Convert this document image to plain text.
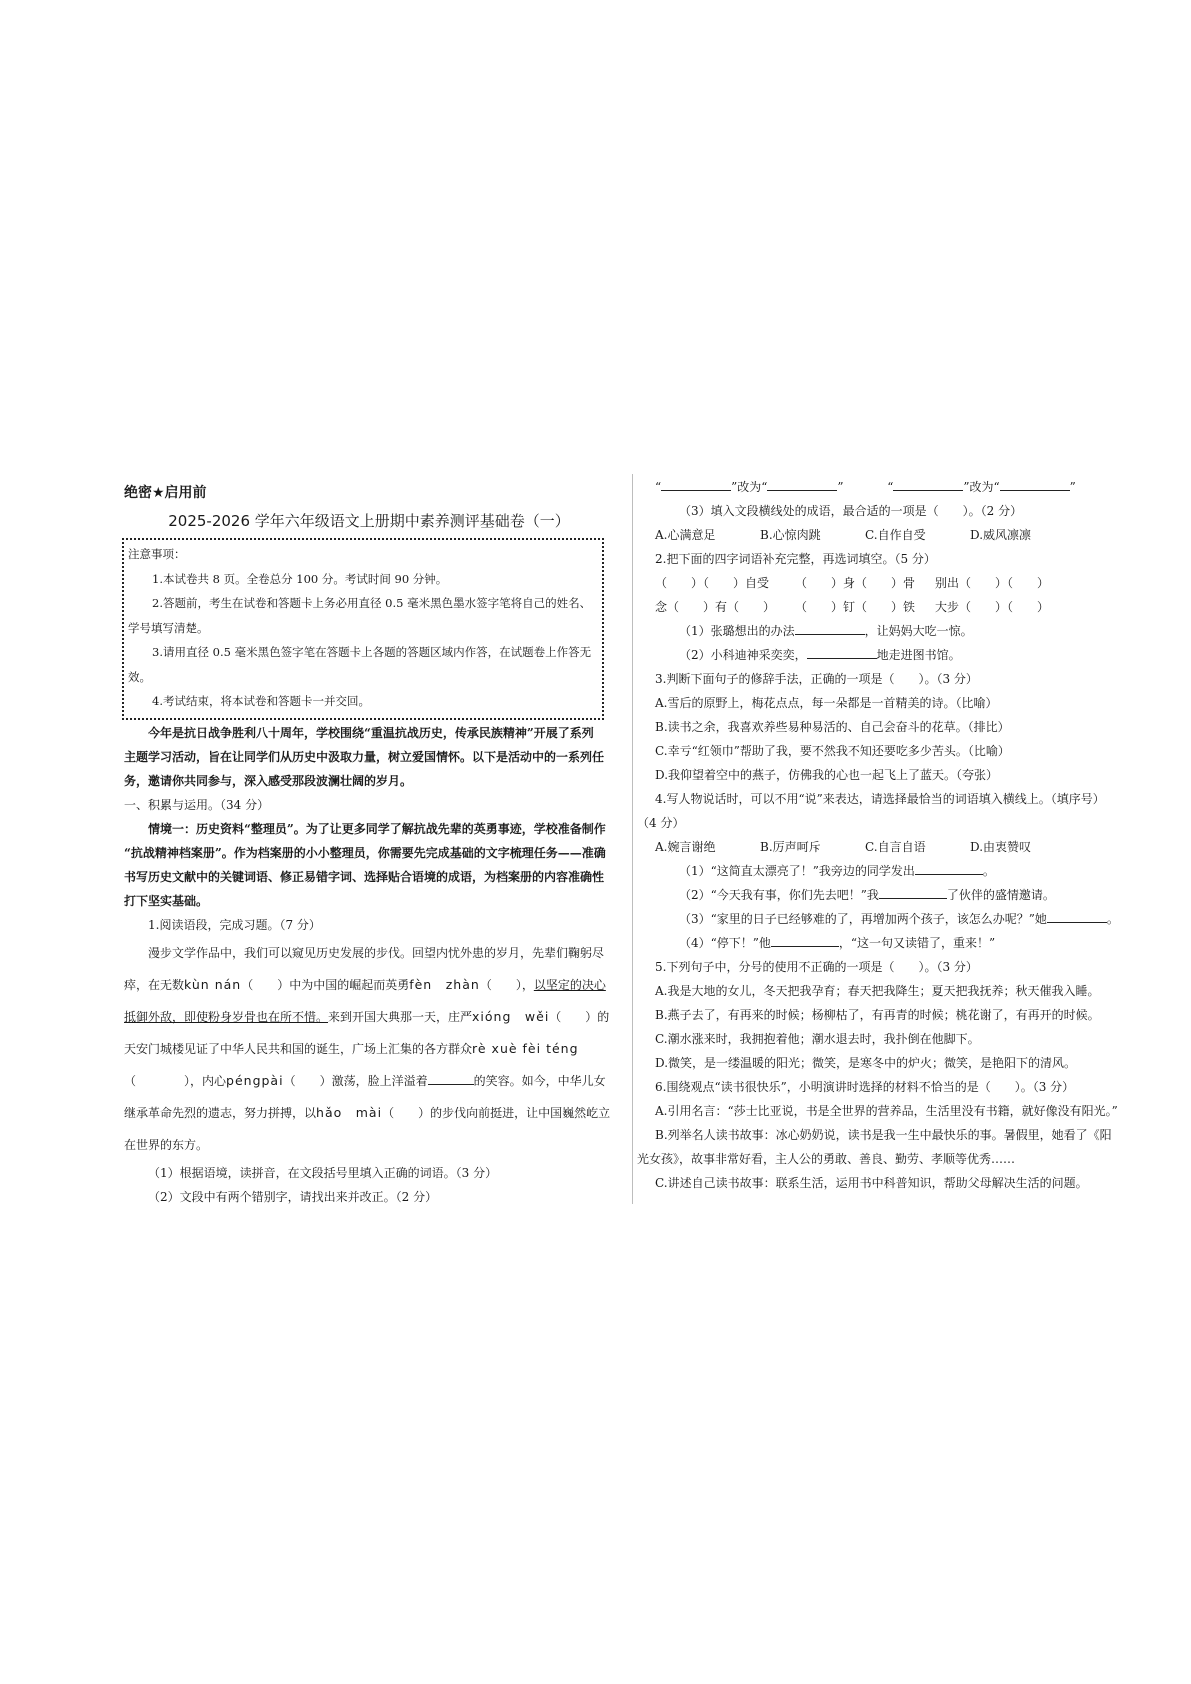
绝密★启用前
2025-2026 学年六年级语文上册期中素养测评基础卷（一）
注意事项：
1.本试卷共 8 页。全卷总分 100 分。考试时间 90 分钟。
2.答题前，考生在试卷和答题卡上务必用直径 0.5 毫米黑色墨水签字笔将自己的姓名、
学号填写清楚。
3.请用直径 0.5 毫米黑色签字笔在答题卡上各题的答题区域内作答，在试题卷上作答无
效。
4.考试结束，将本试卷和答题卡一并交回。
今年是抗日战争胜利八十周年，学校围绕“重温抗战历史，传承民族精神”开展了系列
主题学习活动，旨在让同学们从历史中汲取力量，树立爱国情怀。以下是活动中的一系列任
务，邀请你共同参与，深入感受那段波澜壮阔的岁月。
一、积累与运用。（34 分）
情境一：历史资料“整理员”。为了让更多同学了解抗战先辈的英勇事迹，学校准备制作
“抗战精神档案册”。作为档案册的小小整理员，你需要先完成基础的文字梳理任务——准确
书写历史文献中的关键词语、修正易错字词、选择贴合语境的成语，为档案册的内容准确性
打下坚实基础。
1.阅读语段，完成习题。（7 分）
漫步文学作品中，我们可以窥见历史发展的步伐。回望内忧外患的岁月，先辈们鞠躬尽
瘁，在无数kùn nán（　　）中为中国的崛起而英勇fèn　zhàn（　　），以坚定的决心
抵御外敌，即使粉身岁骨也在所不惜。来到开国大典那一天，庄严xióng　wěi（　　）的
天安门城楼见证了中华人民共和国的诞生，广场上汇集的各方群众rè xuè fèi téng
（　　　　），内心péngpài（　　）激荡，脸上洋溢着	的笑容。如今，中华儿女
继承革命先烈的遗志，努力拼搏，以hǎo　mài（　　）的步伐向前挺进，让中国巍然屹立
在世界的东方。
（1）根据语境，读拼音，在文段括号里填入正确的词语。（3 分）
（2）文段中有两个错别字，请找出来并改正。（2 分）
“	”改为“	”	“	”改为“	”
（3）填入文段横线处的成语，最合适的一项是（　　）。（2 分）
A.心满意足	B.心惊肉跳	C.自作自受	D.威风凛凛
2.把下面的四字词语补充完整，再选词填空。（5 分）
（　　）（　　）自受 （　　）身（　　）骨 别出（　　）（　　）
念（　　）有（　　） （　　）钉（　　）铁 大步（　　）（　　）
（1）张璐想出的办法	，让妈妈大吃一惊。
（2）小科迪神采奕奕，	地走进图书馆。
3.判断下面句子的修辞手法，正确的一项是（　　）。（3 分）
A.雪后的原野上，梅花点点，每一朵都是一首精美的诗。（比喻）
B.读书之余，我喜欢养些易种易活的、自己会奋斗的花草。（排比）
C.幸亏“红领巾”帮助了我，要不然我不知还要吃多少苦头。（比喻）
D.我仰望着空中的燕子，仿佛我的心也一起飞上了蓝天。（夸张）
4.写人物说话时，可以不用“说”来表达，请选择最恰当的词语填入横线上。（填序号）
（4 分）
A.婉言谢绝	B.厉声呵斥	C.自言自语	D.由衷赞叹
（1）“这简直太漂亮了！”我旁边的同学发出	。
（2）“今天我有事，你们先去吧！”我	了伙伴的盛情邀请。
（3）“家里的日子已经够难的了，再增加两个孩子，该怎么办呢？”她	。
（4）“停下！”他	，“这一句又读错了，重来！”
5.下列句子中，分号的使用不正确的一项是（　　）。（3 分）
A.我是大地的女儿，冬天把我孕育；春天把我降生；夏天把我抚养；秋天催我入睡。
B.燕子去了，有再来的时候；杨柳枯了，有再青的时候；桃花谢了，有再开的时候。
C.潮水涨来时，我拥抱着他；潮水退去时，我扑倒在他脚下。
D.微笑，是一缕温暖的阳光；微笑，是寒冬中的炉火；微笑，是艳阳下的清风。
6.围绕观点“读书很快乐”，小明演讲时选择的材料不恰当的是（　　）。（3 分）
A.引用名言：“莎士比亚说，书是全世界的营养品，生活里没有书籍，就好像没有阳光。”
B.列举名人读书故事：冰心奶奶说，读书是我一生中最快乐的事。暑假里，她看了《阳
光女孩》，故事非常好看，主人公的勇敢、善良、勤劳、孝顺等优秀……
C.讲述自己读书故事：联系生活，运用书中科普知识，帮助父母解决生活的问题。
